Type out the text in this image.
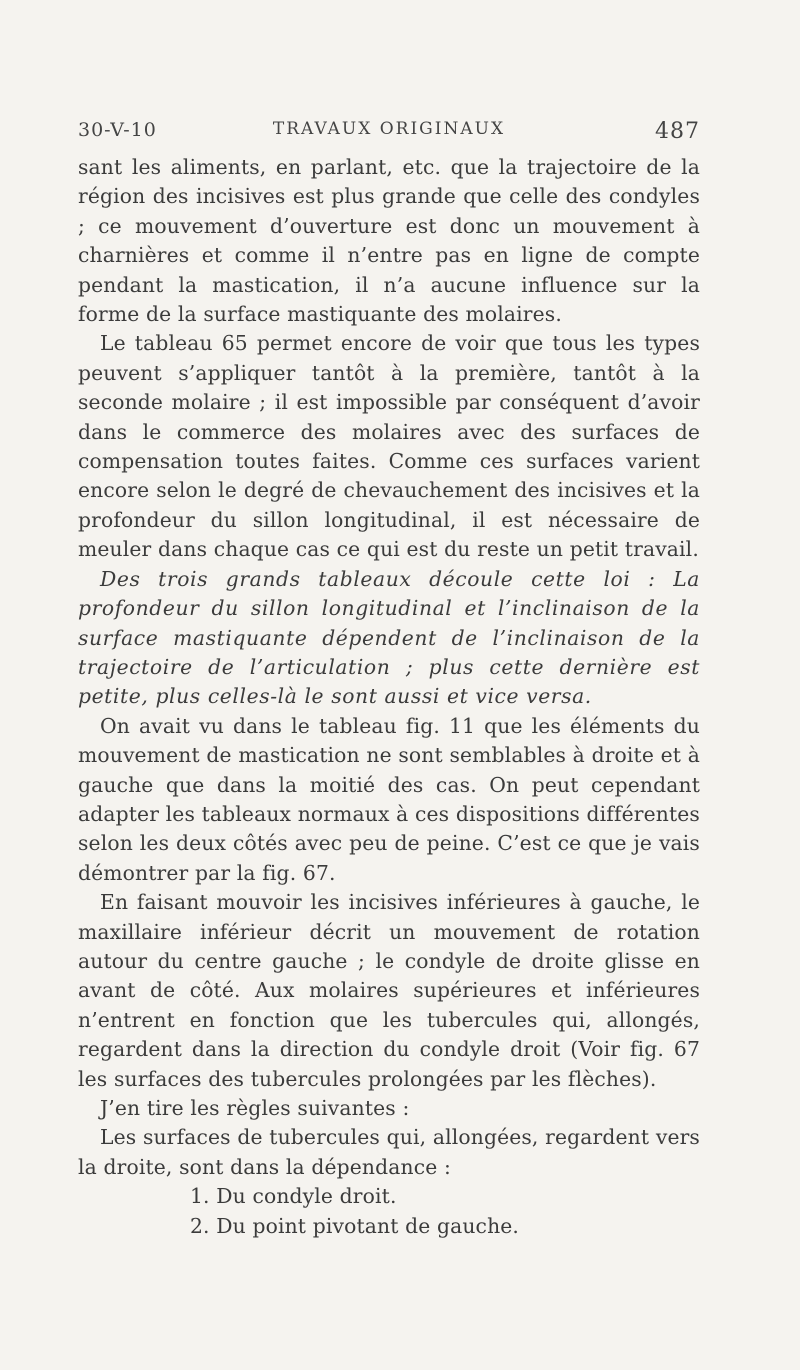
30-V-10	TRAVAUX ORIGINAUX	487

sant les aliments, en parlant, etc. que la trajectoire de la région des incisives est plus grande que celle des condyles ; ce mouvement d’ouverture est donc un mouvement à charnières et comme il n’entre pas en ligne de compte pendant la mastication, il n’a aucune influence sur la forme de la surface mastiquante des molaires.

Le tableau 65 permet encore de voir que tous les types peuvent s’appliquer tantôt à la première, tantôt à la seconde molaire ; il est impossible par conséquent d’avoir dans le commerce des molaires avec des surfaces de compensation toutes faites. Comme ces surfaces varient encore selon le degré de chevauchement des incisives et la profondeur du sillon longitudinal, il est nécessaire de meuler dans chaque cas ce qui est du reste un petit travail.

Des trois grands tableaux découle cette loi : La profondeur du sillon longitudinal et l’inclinaison de la surface mastiquante dépendent de l’inclinaison de la trajectoire de l’articulation ; plus cette dernière est petite, plus celles-là le sont aussi et vice versa.

On avait vu dans le tableau fig. 11 que les éléments du mouvement de mastication ne sont semblables à droite et à gauche que dans la moitié des cas. On peut cependant adapter les tableaux normaux à ces dispositions différentes selon les deux côtés avec peu de peine. C’est ce que je vais démontrer par la fig. 67.

En faisant mouvoir les incisives inférieures à gauche, le maxillaire inférieur décrit un mouvement de rotation autour du centre gauche ; le condyle de droite glisse en avant de côté. Aux molaires supérieures et inférieures n’entrent en fonction que les tubercules qui, allongés, regardent dans la direction du condyle droit (Voir fig. 67 les surfaces des tubercules prolongées par les flèches).

J’en tire les règles suivantes :

Les surfaces de tubercules qui, allongées, regardent vers la droite, sont dans la dépendance :

1. Du condyle droit.

2. Du point pivotant de gauche.
